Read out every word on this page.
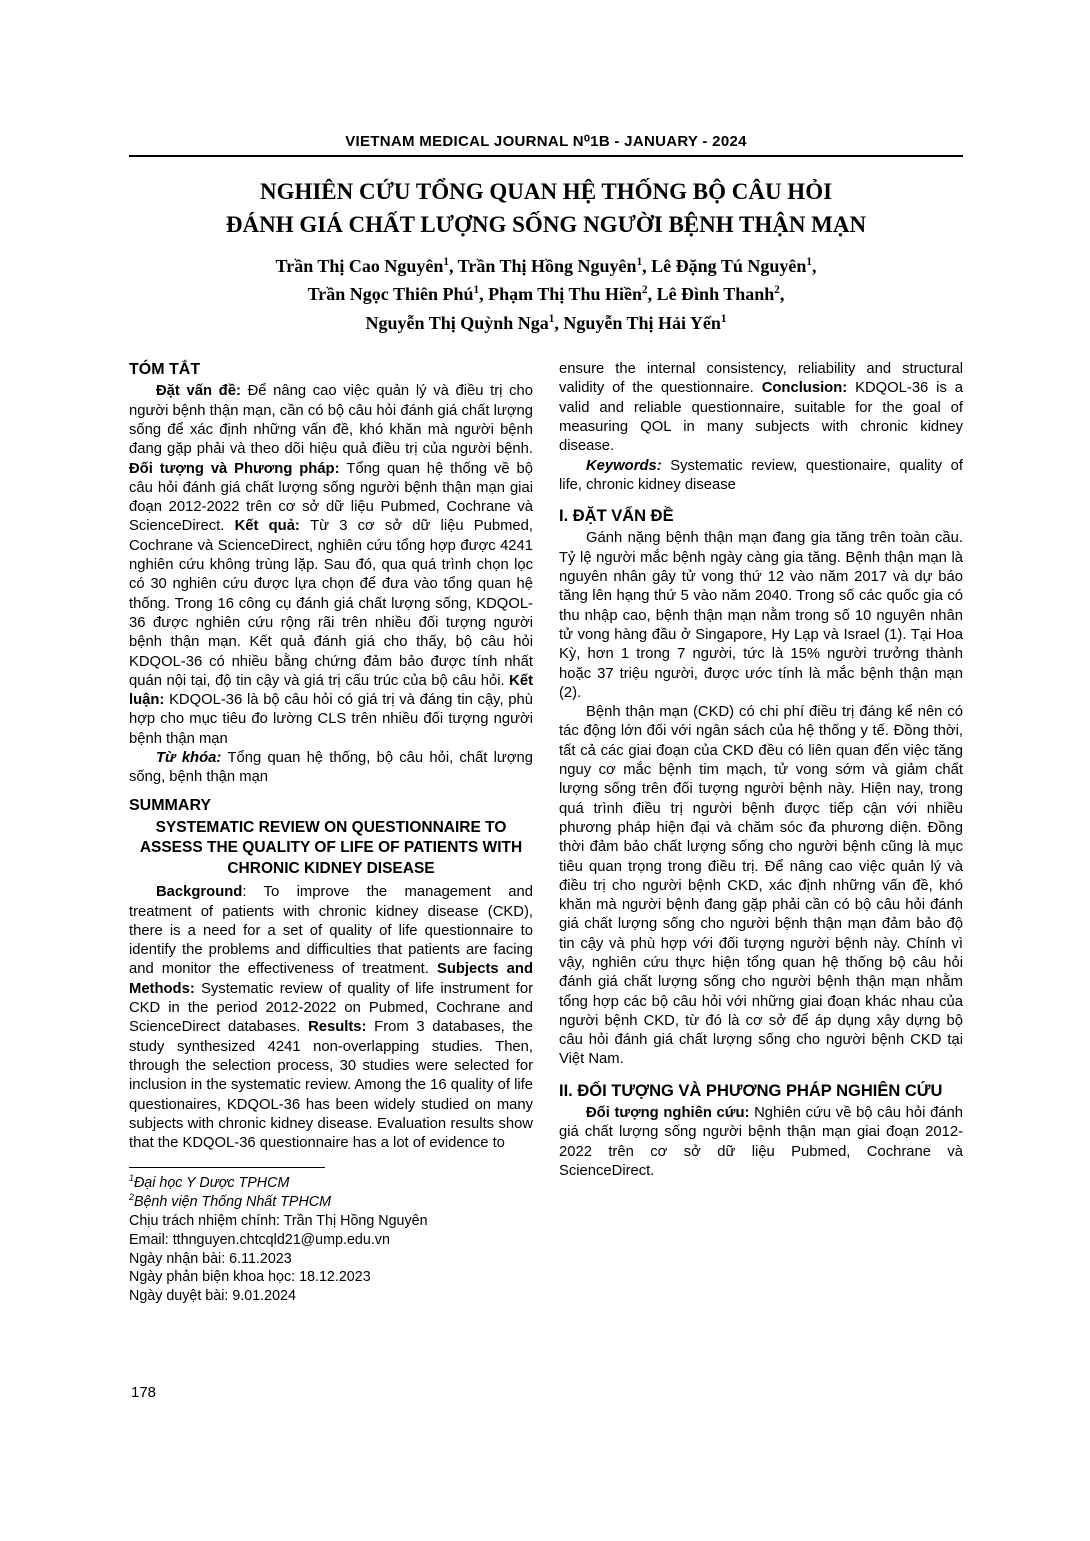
VIETNAM MEDICAL JOURNAL N⁰1B - JANUARY - 2024
NGHIÊN CỨU TỔNG QUAN HỆ THỐNG BỘ CÂU HỎI
ĐÁNH GIÁ CHẤT LƯỢNG SỐNG NGƯỜI BỆNH THẬN MẠN
Trần Thị Cao Nguyên$^1$, Trần Thị Hồng Nguyên$^1$, Lê Đặng Tú Nguyên$^1$,
Trần Ngọc Thiên Phú$^1$, Phạm Thị Thu Hiền$^2$, Lê Đình Thanh$^2$,
Nguyễn Thị Quỳnh Nga$^1$, Nguyễn Thị Hải Yến$^1$
TÓM TẮT

Đặt vấn đề: Để nâng cao việc quản lý và điều trị cho người bệnh thận mạn, cần có bộ câu hỏi đánh giá chất lượng sống để xác định những vấn đề, khó khăn mà người bệnh đang gặp phải và theo dõi hiệu quả điều trị của người bệnh. Đối tượng và Phương pháp: Tổng quan hệ thống về bộ câu hỏi đánh giá chất lượng sống người bệnh thận mạn giai đoạn 2012-2022 trên cơ sở dữ liệu Pubmed, Cochrane và ScienceDirect. Kết quả: Từ 3 cơ sở dữ liệu Pubmed, Cochrane và ScienceDirect, nghiên cứu tổng hợp được 4241 nghiên cứu không trùng lặp. Sau đó, qua quá trình chọn lọc có 30 nghiên cứu được lựa chọn để đưa vào tổng quan hệ thống. Trong 16 công cụ đánh giá chất lượng sống, KDQOL-36 được nghiên cứu rộng rãi trên nhiều đối tượng người bệnh thận mạn. Kết quả đánh giá cho thấy, bộ câu hỏi KDQOL-36 có nhiều bằng chứng đảm bảo được tính nhất quán nội tại, độ tin cậy và giá trị cấu trúc của bộ câu hỏi. Kết luận: KDQOL-36 là bộ câu hỏi có giá trị và đáng tin cậy, phù hợp cho mục tiêu đo lường CLS trên nhiều đối tượng người bệnh thận mạn

Từ khóa: Tổng quan hệ thống, bộ câu hỏi, chất lượng sống, bệnh thận mạn

SUMMARY
SYSTEMATIC REVIEW ON QUESTIONNAIRE TO ASSESS THE QUALITY OF LIFE OF PATIENTS WITH CHRONIC KIDNEY DISEASE

Background: To improve the management and treatment of patients with chronic kidney disease (CKD), there is a need for a set of quality of life questionnaire to identify the problems and difficulties that patients are facing and monitor the effectiveness of treatment. Subjects and Methods: Systematic review of quality of life instrument for CKD in the period 2012-2022 on Pubmed, Cochrane and ScienceDirect databases. Results: From 3 databases, the study synthesized 4241 non-overlapping studies. Then, through the selection process, 30 studies were selected for inclusion in the systematic review. Among the 16 quality of life questionaires, KDQOL-36 has been widely studied on many subjects with chronic kidney disease. Evaluation results show that the KDQOL-36 questionnaire has a lot of evidence to

$^1$Đại học Y Dược TPHCM
$^2$Bệnh viện Thống Nhất TPHCM
Chịu trách nhiệm chính: Trần Thị Hồng Nguyên
Email: tthnguyen.chtcqld21@ump.edu.vn
Ngày nhận bài: 6.11.2023
Ngày phản biện khoa học: 18.12.2023
Ngày duyệt bài: 9.01.2024

ensure the internal consistency, reliability and structural validity of the questionnaire. Conclusion: KDQOL-36 is a valid and reliable questionnaire, suitable for the goal of measuring QOL in many subjects with chronic kidney disease.

Keywords: Systematic review, questionaire, quality of life, chronic kidney disease

I. ĐẶT VẤN ĐỀ

Gánh nặng bệnh thận mạn đang gia tăng trên toàn cầu. Tỷ lệ người mắc bệnh ngày càng gia tăng. Bệnh thận mạn là nguyên nhân gây tử vong thứ 12 vào năm 2017 và dự báo tăng lên hạng thứ 5 vào năm 2040. Trong số các quốc gia có thu nhập cao, bệnh thận mạn nằm trong số 10 nguyên nhân tử vong hàng đầu ở Singapore, Hy Lạp và Israel (1). Tại Hoa Kỳ, hơn 1 trong 7 người, tức là 15% người trưởng thành hoặc 37 triệu người, được ước tính là mắc bệnh thận mạn (2).

Bệnh thận mạn (CKD) có chi phí điều trị đáng kể nên có tác động lớn đối với ngân sách của hệ thống y tế. Đồng thời, tất cả các giai đoạn của CKD đều có liên quan đến việc tăng nguy cơ mắc bệnh tim mạch, tử vong sớm và giảm chất lượng sống trên đối tượng người bệnh này. Hiện nay, trong quá trình điều trị người bệnh được tiếp cận với nhiều phương pháp hiện đại và chăm sóc đa phương diện. Đồng thời đảm bảo chất lượng sống cho người bệnh cũng là mục tiêu quan trọng trong điều trị. Để nâng cao việc quản lý và điều trị cho người bệnh CKD, xác định những vấn đề, khó khăn mà người bệnh đang gặp phải cần có bộ câu hỏi đánh giá chất lượng sống cho người bệnh thận mạn đảm bảo độ tin cậy và phù hợp với đối tượng người bệnh này. Chính vì vậy, nghiên cứu thực hiện tổng quan hệ thống bộ câu hỏi đánh giá chất lượng sống cho người bệnh thận mạn nhằm tổng hợp các bộ câu hỏi với những giai đoạn khác nhau của người bệnh CKD, từ đó là cơ sở để áp dụng xây dựng bộ câu hỏi đánh giá chất lượng sống cho người bệnh CKD tại Việt Nam.

II. ĐỐI TƯỢNG VÀ PHƯƠNG PHÁP NGHIÊN CỨU

Đối tượng nghiên cứu: Nghiên cứu về bộ câu hỏi đánh giá chất lượng sống người bệnh thận mạn giai đoạn 2012-2022 trên cơ sở dữ liệu Pubmed, Cochrane và ScienceDirect.

178
